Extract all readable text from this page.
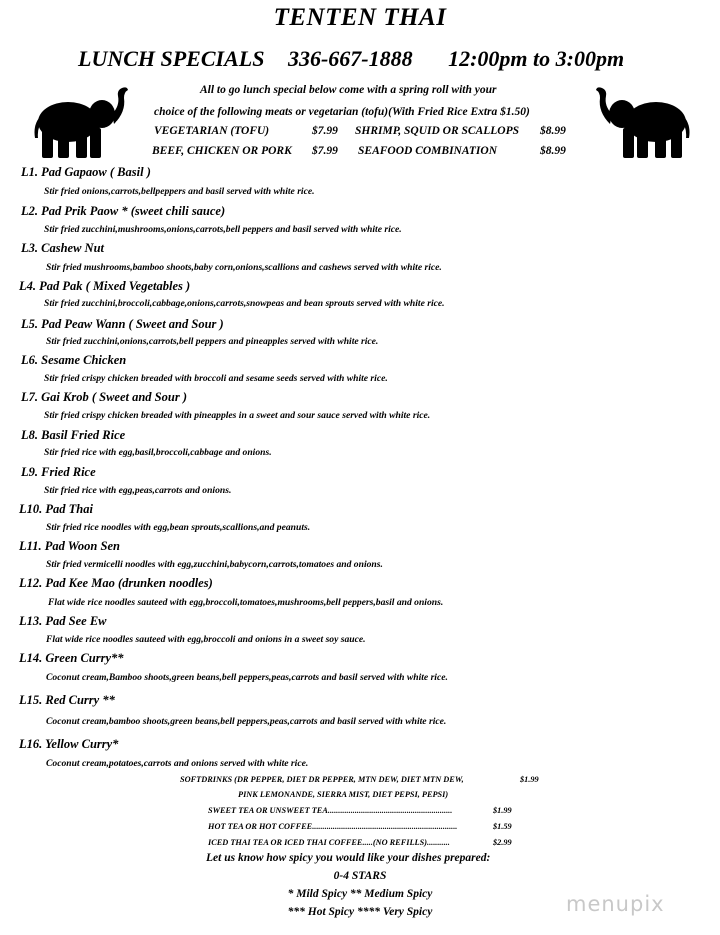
TENTEN THAI
LUNCH SPECIALS 336-667-1888 12:00pm to 3:00pm
All to go lunch special below come with a spring roll with your
choice of the following meats or vegetarian (tofu)(With Fried Rice Extra $1.50)
VEGETARIAN (TOFU)	$7.99 SHRIMP, SQUID OR SCALLOPS $8.99
BEEF, CHICKEN OR PORK $7.99 SEAFOOD COMBINATION	$8.99
L1. Pad Gapaow ( Basil )
Stir fried onions,carrots,bellpeppers and basil served with white rice.
L2. Pad Prik Paow * (sweet chili sauce)
Stir fried zucchini,mushrooms,onions,carrots,bell peppers and basil served with white rice.
L3. Cashew Nut
Stir fried mushrooms,bamboo shoots,baby corn,onions,scallions and cashews served with white rice.
L4. Pad Pak ( Mixed Vegetables )
Stir fried zucchini,broccoli,cabbage,onions,carrots,snowpeas and bean sprouts served with white rice.
L5. Pad Peaw Wann ( Sweet and Sour )
Stir fried zucchini,onions,carrots,bell peppers and pineapples served with white rice.
L6. Sesame Chicken
Stir fried crispy chicken breaded with broccoli and sesame seeds served with white rice.
L7. Gai Krob ( Sweet and Sour )
Stir fried crispy chicken breaded with pineapples in a sweet and sour sauce served with white rice.
L8. Basil Fried Rice
Stir fried rice with egg,basil,broccoli,cabbage and onions.
L9. Fried Rice
Stir fried rice with egg,peas,carrots and onions.
L10. Pad Thai
Stir fried rice noodles with egg,bean sprouts,scallions,and peanuts.
L11. Pad Woon Sen
Stir fried vermicelli noodles with egg,zucchini,babycorn,carrots,tomatoes and onions.
L12. Pad Kee Mao (drunken noodles)
Flat wide rice noodles sauteed with egg,broccoli,tomatoes,mushrooms,bell peppers,basil and onions.
L13. Pad See Ew
Flat wide rice noodles sauteed with egg,broccoli and onions in a sweet soy sauce.
L14. Green Curry**
Coconut cream,Bamboo shoots,green beans,bell peppers,peas,carrots and basil served with white rice.
L15. Red Curry **
Coconut cream,bamboo shoots,green beans,bell peppers,peas,carrots and basil served with white rice.
L16. Yellow Curry*
Coconut cream,potatoes,carrots and onions served with white rice.
SOFTDRINKS (DR PEPPER, DIET DR PEPPER, MTN DEW, DIET MTN DEW,	$1.99
PINK LEMONANDE, SIERRA MIST, DIET PEPSI, PEPSI)
SWEET TEA OR UNSWEET TEA............................................................	$1.99
HOT TEA OR HOT COFFEE......................................................................	$1.59
ICED THAI TEA OR ICED THAI COFFEE.....(NO REFILLS)...........	$2.99
Let us know how spicy you would like your dishes prepared:
0-4 STARS
* Mild Spicy ** Medium Spicy
*** Hot Spicy **** Very Spicy	menupix
